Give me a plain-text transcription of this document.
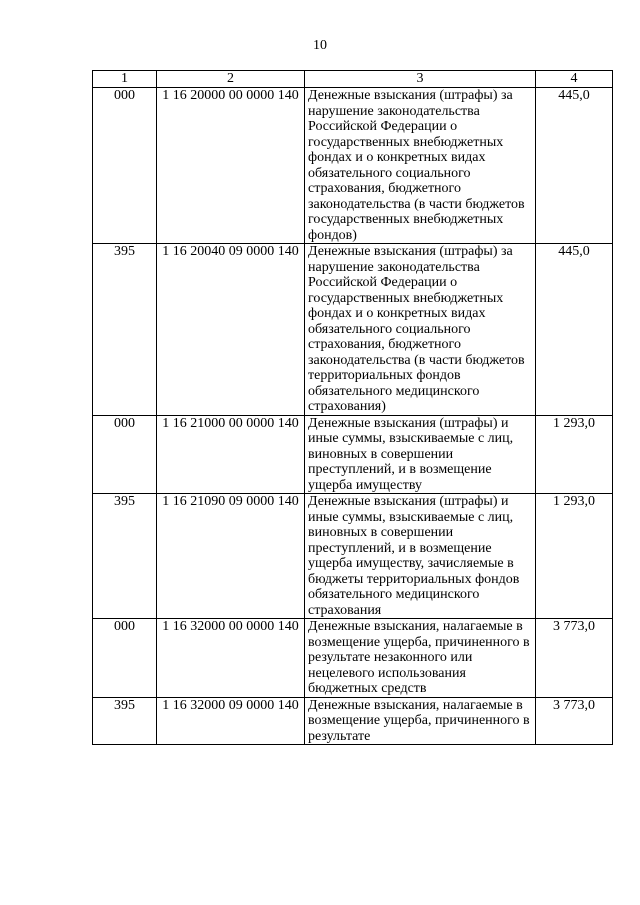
10
1	2	3	4
000	1 16 20000 00 0000 140	Денежные взыскания (штрафы) за нарушение законодательства Российской Федерации о государственных внебюджетных фондах и о конкретных видах обязательного социального страхования, бюджетного законодательства (в части бюджетов государственных внебюджетных фондов)	445,0
395	1 16 20040 09 0000 140	Денежные взыскания (штрафы) за нарушение законодательства Российской Федерации о государственных внебюджетных фондах и о конкретных видах обязательного социального страхования, бюджетного законодательства (в части бюджетов территориальных фондов обязательного медицинского страхования)	445,0
000	1 16 21000 00 0000 140	Денежные взыскания (штрафы) и иные суммы, взыскиваемые с лиц, виновных в совершении преступлений, и в возмещение ущерба имуществу	1 293,0
395	1 16 21090 09 0000 140	Денежные взыскания (штрафы) и иные суммы, взыскиваемые с лиц, виновных в совершении преступлений, и в возмещение ущерба имуществу, зачисляемые в бюджеты территориальных фондов обязательного медицинского страхования	1 293,0
000	1 16 32000 00 0000 140	Денежные взыскания, налагаемые в возмещение ущерба, причиненного в результате незаконного или нецелевого использования бюджетных средств	3 773,0
395	1 16 32000 09 0000 140	Денежные взыскания, налагаемые в возмещение ущерба, причиненного в результате	3 773,0
